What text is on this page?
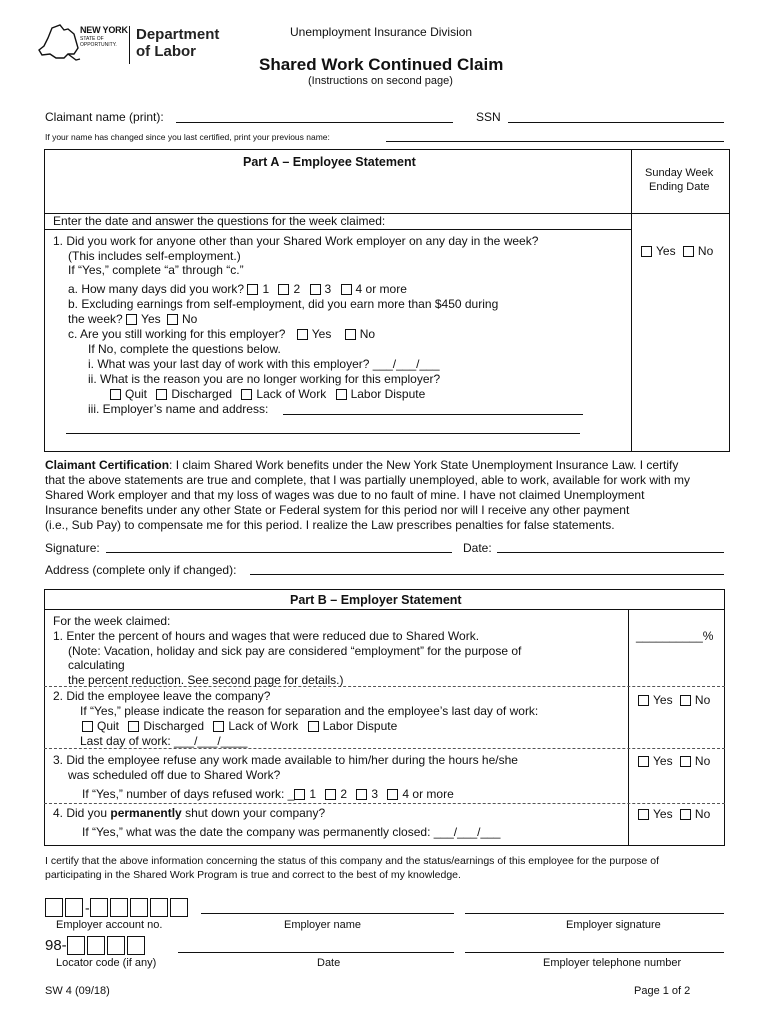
NEW YORK
STATE OF
OPPORTUNITY.
Department
of Labor
Unemployment Insurance Division
Shared Work Continued Claim
(Instructions on second page)
Claimant name (print):	SSN
If your name has changed since you last certified, print your previous name:
Part A – Employee Statement
Sunday Week
Ending Date
Enter the date and answer the questions for the week claimed:
1. Did you work for anyone other than your Shared Work employer on any day in the week?
(This includes self-employment.)
If “Yes,” complete “a” through “c.”
Yes No
a. How many days did you work? 1 2 3 4 or more
b. Excluding earnings from self-employment, did you earn more than $450 during
the week? Yes No
c. Are you still working for this employer? Yes No
If No, complete the questions below.
i. What was your last day of work with this employer? ___/___/___
ii. What is the reason you are no longer working for this employer?
Quit Discharged Lack of Work Labor Dispute
iii. Employer’s name and address:
Claimant Certification: I claim Shared Work benefits under the New York State Unemployment Insurance Law. I certify
that the above statements are true and complete, that I was partially unemployed, able to work, available for work with my
Shared Work employer and that my loss of wages was due to no fault of mine. I have not claimed Unemployment
Insurance benefits under any other State or Federal system for this period nor will I receive any other payment
(i.e., Sub Pay) to compensate me for this period. I realize the Law prescribes penalties for false statements.
Signature:	Date:
Address (complete only if changed):
Part B – Employer Statement
For the week claimed:
1. Enter the percent of hours and wages that were reduced due to Shared Work.
(Note: Vacation, holiday and sick pay are considered “employment” for the purpose of
calculating
the percent reduction. See second page for details.)
__________%
2. Did the employee leave the company?
If “Yes,” please indicate the reason for separation and the employee’s last day of work:
Quit Discharged Lack of Work Labor Dispute
Last day of work: ___/___/____
Yes No
3. Did the employee refuse any work made available to him/her during the hours he/she
was scheduled off due to Shared Work?
If “Yes,” number of days refused work: _ 1 2 3 4 or more
Yes No
4. Did you permanently shut down your company?
If “Yes,” what was the date the company was permanently closed: ___/___/___
Yes No
I certify that the above information concerning the status of this company and the status/earnings of this employee for the purpose of
participating in the Shared Work Program is true and correct to the best of my knowledge.
-
Employer account no.	Employer name	Employer signature
98-
Locator code (if any)	Date	Employer telephone number
SW 4 (09/18)	Page 1 of 2
